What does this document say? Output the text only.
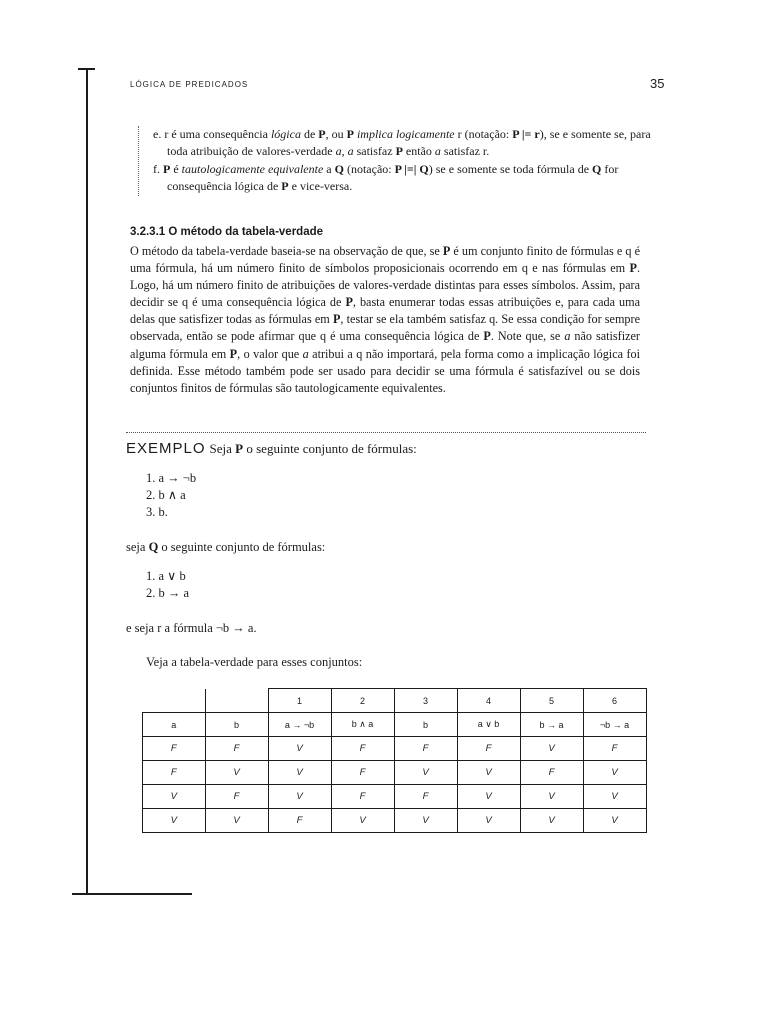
LÓGICA DE PREDICADOS	35
e. r é uma consequência lógica de P, ou P implica logicamente r (notação: P |= r), se e somente se, para toda atribuição de valores-verdade a, a satisfaz P então a satisfaz r.
f. P é tautologicamente equivalente a Q (notação: P |=| Q) se e somente se toda fórmula de Q for consequência lógica de P e vice-versa.
3.2.3.1 O método da tabela-verdade
O método da tabela-verdade baseia-se na observação de que, se P é um conjunto finito de fórmulas e q é uma fórmula, há um número finito de símbolos proposicionais ocorrendo em q e nas fórmulas em P. Logo, há um número finito de atribuições de valores-verdade distintas para esses símbolos. Assim, para decidir se q é uma consequência lógica de P, basta enumerar todas essas atribuições e, para cada uma delas que satisfizer todas as fórmulas em P, testar se ela também satisfaz q. Se essa condição for sempre observada, então se pode afirmar que q é uma consequência lógica de P. Note que, se a não satisfizer alguma fórmula em P, o valor que a atribui a q não importará, pela forma como a implicação lógica foi definida. Esse método também pode ser usado para decidir se uma fórmula é satisfazível ou se dois conjuntos finitos de fórmulas são tautologicamente equivalentes.
EXEMPLO Seja P o seguinte conjunto de fórmulas:
1. a → ¬b
2. b ∧ a
3. b.
seja Q o seguinte conjunto de fórmulas:
1. a ∨ b
2. b → a
e seja r a fórmula ¬b → a.
Veja a tabela-verdade para esses conjuntos:
		1	2	3	4	5	6
a	b	a → ¬b	b ∧ a	b	a ∨ b	b → a	¬b → a
F	F	V	F	F	F	V	F
F	V	V	F	V	V	F	V
V	F	V	F	F	V	V	V
V	V	F	V	V	V	V	V
